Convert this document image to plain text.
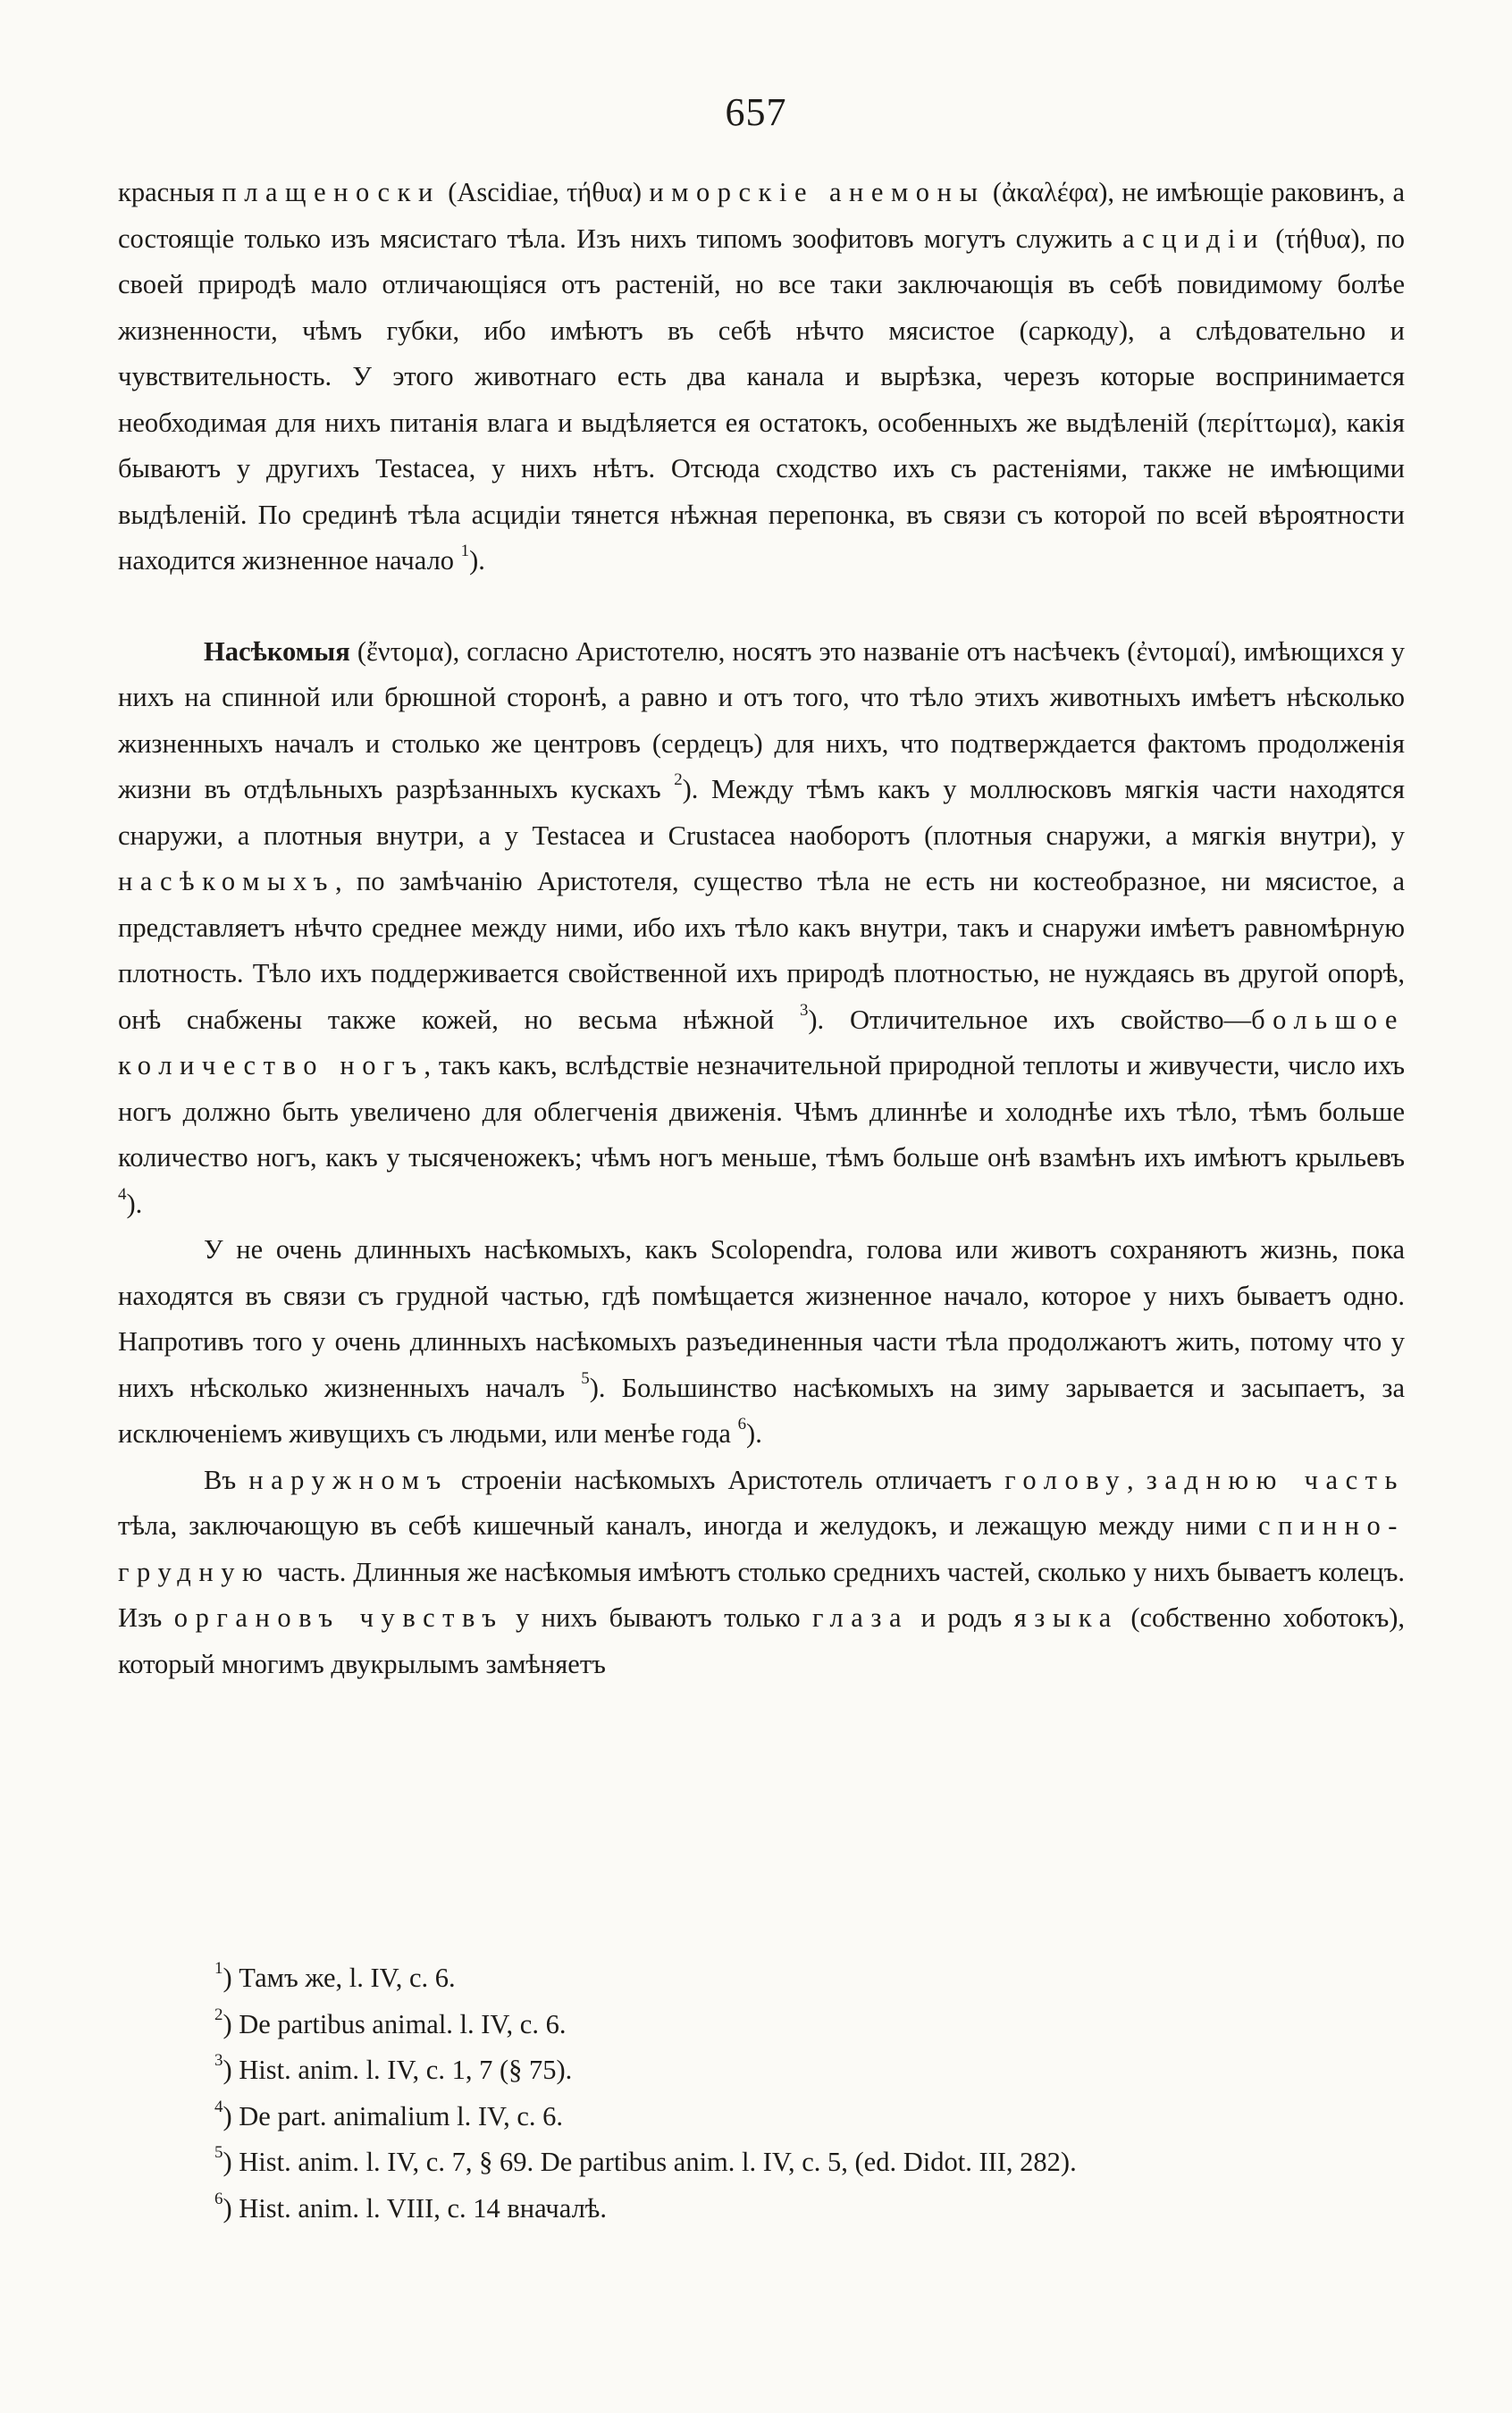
657

красныя плащеноски (Ascidiae, τήθυα) и морскіе анемоны (ἀκαλέφα), не имѣющіе раковинъ, а состоящіе только изъ мясистаго тѣла. Изъ нихъ типомъ зоофитовъ могутъ служить асцидіи (τήθυα), по своей природѣ мало отличающіяся отъ растеній, но все таки заключающія въ себѣ повидимому болѣе жизненности, чѣмъ губки, ибо имѣютъ въ себѣ нѣчто мясистое (саркоду), а слѣдовательно и чувствительность. У этого животнаго есть два канала и вырѣзка, черезъ которые воспринимается необходимая для нихъ питанія влага и выдѣляется ея остатокъ, особенныхъ же выдѣленій (περίττωμα), какія бываютъ у другихъ Testacea, у нихъ нѣтъ. Отсюда сходство ихъ съ растеніями, также не имѣющими выдѣленій. По срединѣ тѣла асцидіи тянется нѣжная перепонка, въ связи съ которой по всей вѣроятности находится жизненное начало $^1$).

Насѣкомыя (ἔντομα), согласно Аристотелю, носятъ это названіе отъ насѣчекъ (ἐντομαί), имѣющихся у нихъ на спинной или брюшной сторонѣ, а равно и отъ того, что тѣло этихъ животныхъ имѣетъ нѣсколько жизненныхъ началъ и столько же центровъ (сердецъ) для нихъ, что подтверждается фактомъ продолженія жизни въ отдѣльныхъ разрѣзанныхъ кускахъ $^2$). Между тѣмъ какъ у моллюсковъ мягкія части находятся снаружи, а плотныя внутри, а у Testacea и Crustacea наоборотъ (плотныя снаружи, а мягкія внутри), у насѣкомыхъ, по замѣчанію Аристотеля, существо тѣла не есть ни костеобразное, ни мясистое, а представляетъ нѣчто среднее между ними, ибо ихъ тѣло какъ внутри, такъ и снаружи имѣетъ равномѣрную плотность. Тѣло ихъ поддерживается свойственной ихъ природѣ плотностью, не нуждаясь въ другой опорѣ, онѣ снабжены также кожей, но весьма нѣжной $^3$). Отличительное ихъ свойство—большое количество ногъ, такъ какъ, вслѣдствіе незначительной природной теплоты и живучести, число ихъ ногъ должно быть увеличено для облегченія движенія. Чѣмъ длиннѣе и холоднѣе ихъ тѣло, тѣмъ больше количество ногъ, какъ у тысяченожекъ; чѣмъ ногъ меньше, тѣмъ больше онѣ взамѣнъ ихъ имѣютъ крыльевъ $^4$).

У не очень длинныхъ насѣкомыхъ, какъ Scolopendra, голова или животъ сохраняютъ жизнь, пока находятся въ связи съ грудной частью, гдѣ помѣщается жизненное начало, которое у нихъ бываетъ одно. Напротивъ того у очень длинныхъ насѣкомыхъ разъединенныя части тѣла продолжаютъ жить, потому что у нихъ нѣсколько жизненныхъ началъ $^5$). Большинство насѣкомыхъ на зиму зарывается и засыпаетъ, за исключеніемъ живущихъ съ людьми, или менѣе года $^6$).

Въ наружномъ строеніи насѣкомыхъ Аристотель отличаетъ голову, заднюю часть тѣла, заключающую въ себѣ кишечный каналъ, иногда и желудокъ, и лежащую между ними спинно-грудную часть. Длинныя же насѣкомыя имѣютъ столько среднихъ частей, сколько у нихъ бываетъ колецъ. Изъ органовъ чувствъ у нихъ бываютъ только глаза и родъ языка (собственно хоботокъ), который многимъ двукрылымъ замѣняетъ

$^1$) Тамъ же, l. IV, с. 6.

$^2$) De partibus animal. l. IV, с. 6.

$^3$) Hist. anim. l. IV, с. 1, 7 (§ 75).

$^4$) De part. animalium l. IV, с. 6.

$^5$) Hist. anim. l. IV, с. 7, § 69. De partibus anim. l. IV, с. 5, (ed. Didot. III, 282).

$^6$) Hist. anim. l. VIII, с. 14 вначалѣ.
